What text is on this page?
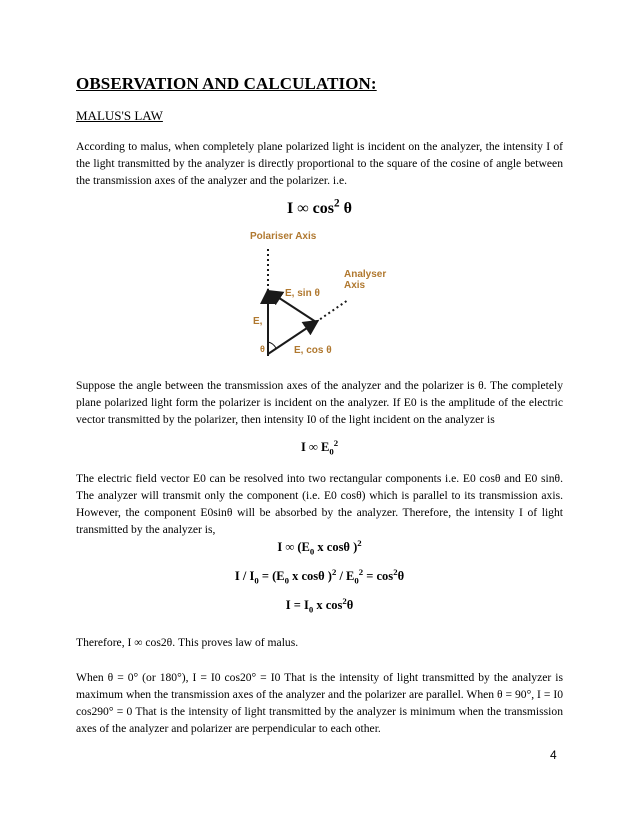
OBSERVATION AND CALCULATION:
MALUS'S LAW

According to malus, when completely plane polarized light is incident on the analyzer, the intensity I of the light transmitted by the analyzer is directly proportional to the square of the cosine of angle between the transmission axes of the analyzer and the polarizer. i.e.

I ∞ $\cos^2 \theta$
Polariser Axis
Analyser
Axis
E, sin θ
E,
θ	E, cos θ

Suppose the angle between the transmission axes of the analyzer and the polarizer is θ. The completely plane polarized light form the polarizer is incident on the analyzer. If E0 is the amplitude of the electric vector transmitted by the polarizer, then intensity I0 of the light incident on the analyzer is

I ∞ $E_0^2$

The electric field vector E0 can be resolved into two rectangular components i.e. E0 cosθ and E0 sinθ. The analyzer will transmit only the component (i.e. E0 cosθ) which is parallel to its transmission axis. However, the component E0sinθ will be absorbed by the analyzer. Therefore, the intensity I of light transmitted by the analyzer is,

I ∞ ($E_0$ x cosθ )$^2$
$I / I_0 = (E_0$ x cosθ )$^2 / E_0^2 = \cos^2\theta$
$I = I_0$ x $\cos^2\theta$

Therefore, I ∞ cos2θ. This proves law of malus.

When θ = 0° (or 180°), I = I0 cos20° = I0 That is the intensity of light transmitted by the analyzer is maximum when the transmission axes of the analyzer and the polarizer are parallel. When θ = 90°, I = I0 cos290° = 0 That is the intensity of light transmitted by the analyzer is minimum when the transmission axes of the analyzer and polarizer are perpendicular to each other.

4
